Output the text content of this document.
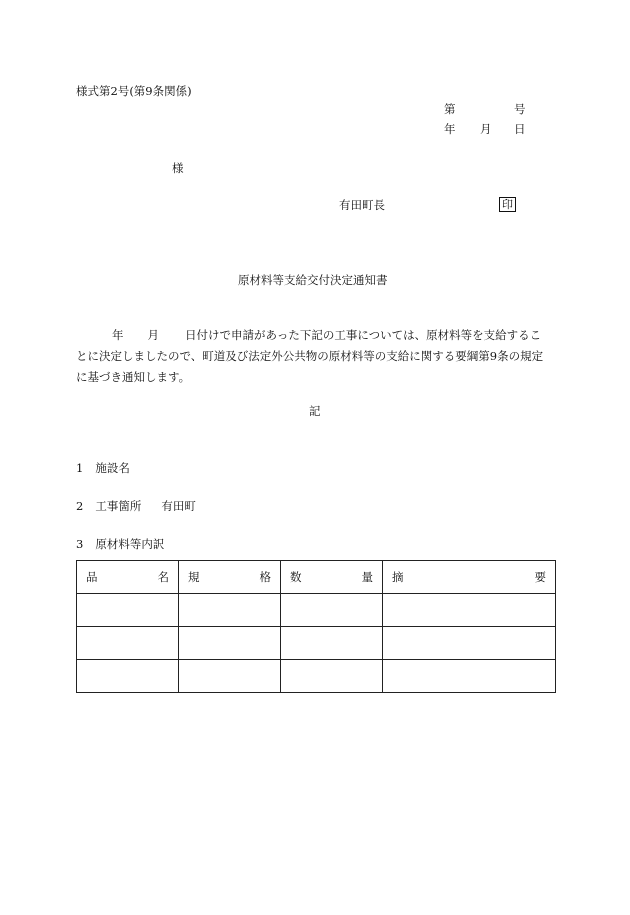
様式第2号(第9条関係)
第	号
年 月 日
様
有田町長	印
原材料等支給交付決定通知書
年 月 日付けで申請があった下記の工事については、原材料等を支給するこ
とに決定しましたので、町道及び法定外公共物の原材料等の支給に関する要綱第9条の規定
に基づき通知します。
記
1 施設名
2 工事箇所 有田町
3 原材料等内訳
品 名	規 格	数 量	摘 要
